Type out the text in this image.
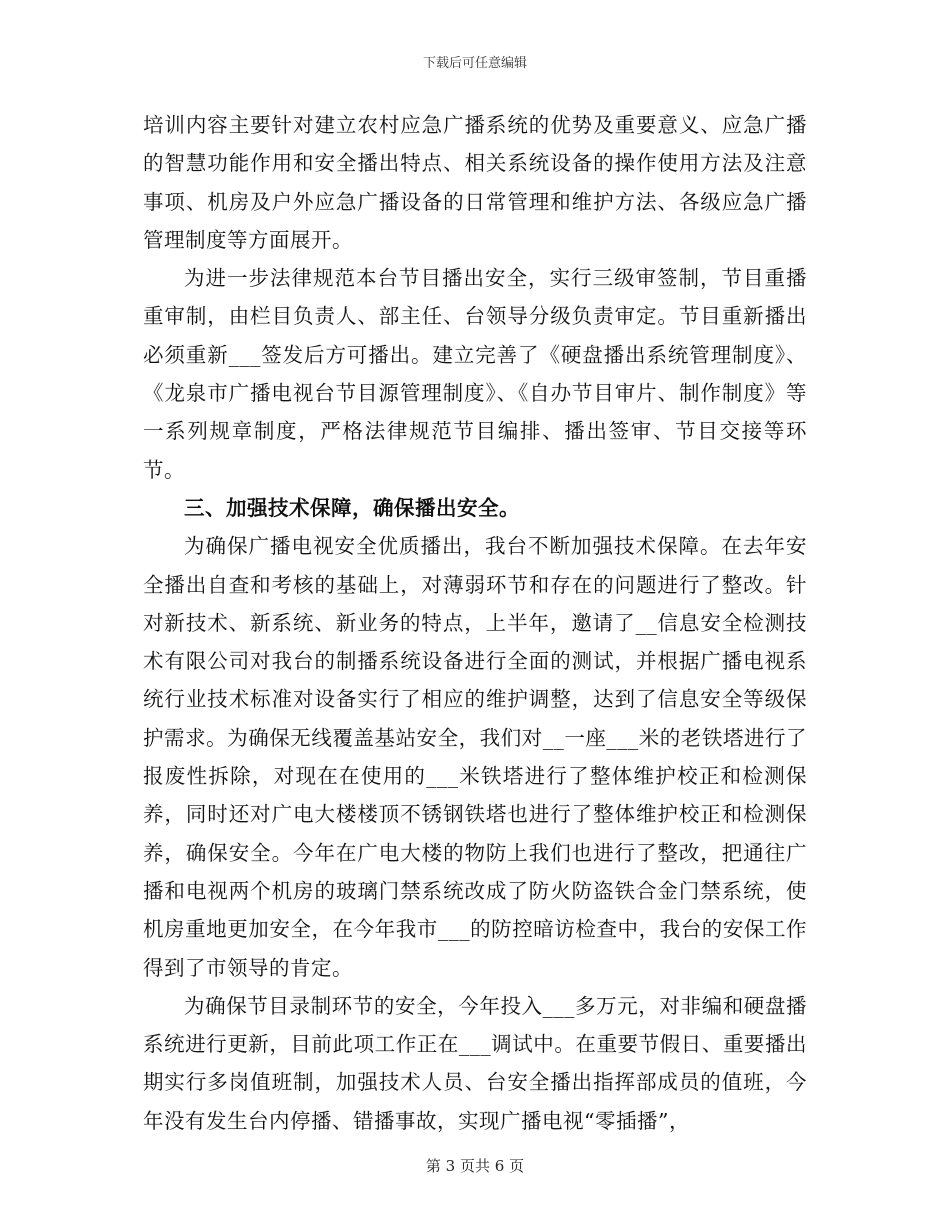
下载后可任意编辑

培训内容主要针对建立农村应急广播系统的优势及重要意义、应急广播的智慧功能作用和安全播出特点、相关系统设备的操作使用方法及注意事项、机房及户外应急广播设备的日常管理和维护方法、各级应急广播管理制度等方面展开。

为进一步法律规范本台节目播出安全，实行三级审签制，节目重播重审制，由栏目负责人、部主任、台领导分级负责审定。节目重新播出必须重新___签发后方可播出。建立完善了《硬盘播出系统管理制度》、《龙泉市广播电视台节目源管理制度》、《自办节目审片、制作制度》等一系列规章制度，严格法律规范节目编排、播出签审、节目交接等环节。

三、加强技术保障，确保播出安全。

为确保广播电视安全优质播出，我台不断加强技术保障。在去年安全播出自查和考核的基础上，对薄弱环节和存在的问题进行了整改。针对新技术、新系统、新业务的特点，上半年，邀请了__信息安全检测技术有限公司对我台的制播系统设备进行全面的测试，并根据广播电视系统行业技术标准对设备实行了相应的维护调整，达到了信息安全等级保护需求。为确保无线覆盖基站安全，我们对__一座___米的老铁塔进行了报废性拆除，对现在在使用的___米铁塔进行了整体维护校正和检测保养，同时还对广电大楼楼顶不锈钢铁塔也进行了整体维护校正和检测保养，确保安全。今年在广电大楼的物防上我们也进行了整改，把通往广播和电视两个机房的玻璃门禁系统改成了防火防盗铁合金门禁系统，使机房重地更加安全，在今年我市___的防控暗访检查中，我台的安保工作得到了市领导的肯定。

为确保节目录制环节的安全，今年投入___多万元，对非编和硬盘播系统进行更新，目前此项工作正在___调试中。在重要节假日、重要播出期实行多岗值班制，加强技术人员、台安全播出指挥部成员的值班，今年没有发生台内停播、错播事故，实现广播电视“零插播”，

第 3 页共 6 页
